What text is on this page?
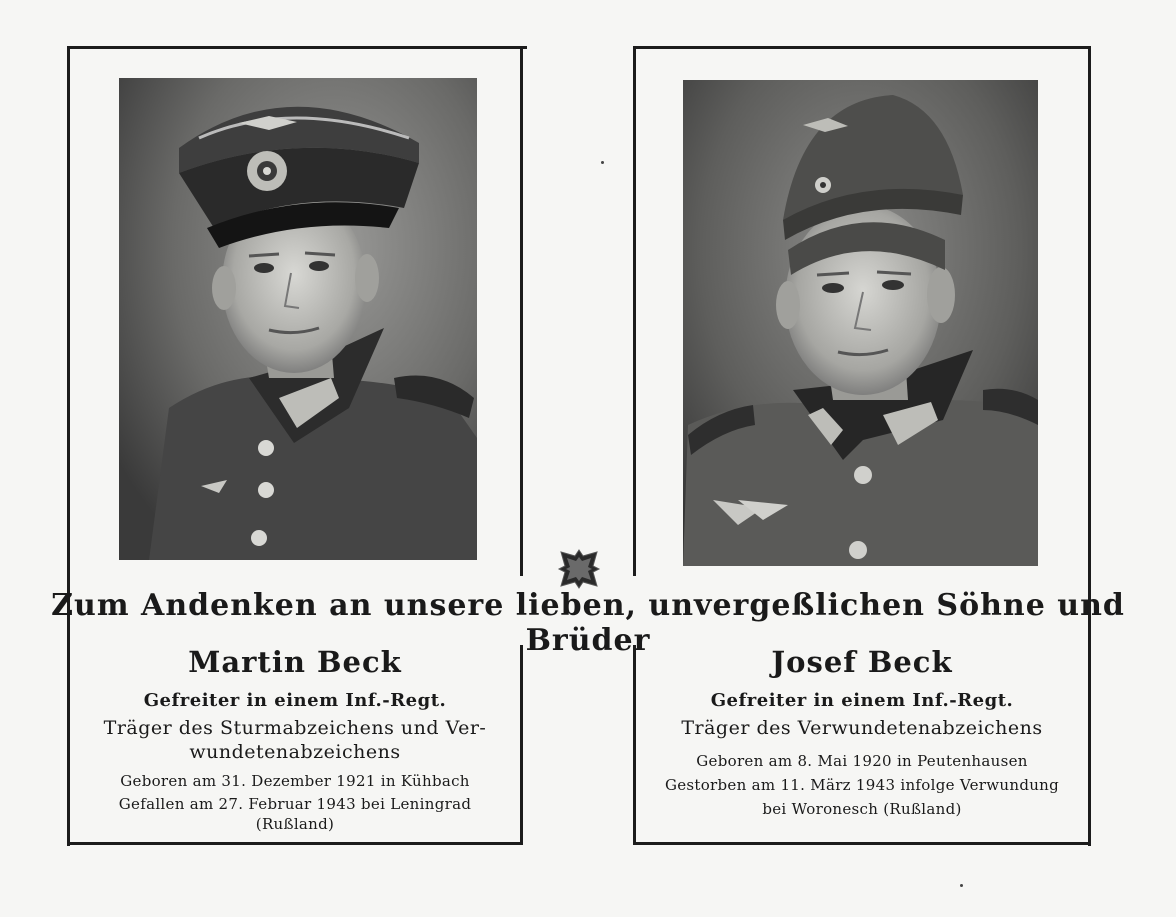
Zum Andenken an unsere lieben, unvergeßlichen Söhne und Brüder
Martin Beck
Gefreiter in einem Inf.-Regt.
Träger des Sturmabzeichens und Ver-
wundetenabzeichens
Geboren am 31. Dezember 1921 in Kühbach
Gefallen am 27. Februar 1943 bei Leningrad
(Rußland)
Josef Beck
Gefreiter in einem Inf.-Regt.
Träger des Verwundetenabzeichens
Geboren am 8. Mai 1920 in Peutenhausen
Gestorben am 11. März 1943 infolge Verwundung
bei Woronesch (Rußland)
